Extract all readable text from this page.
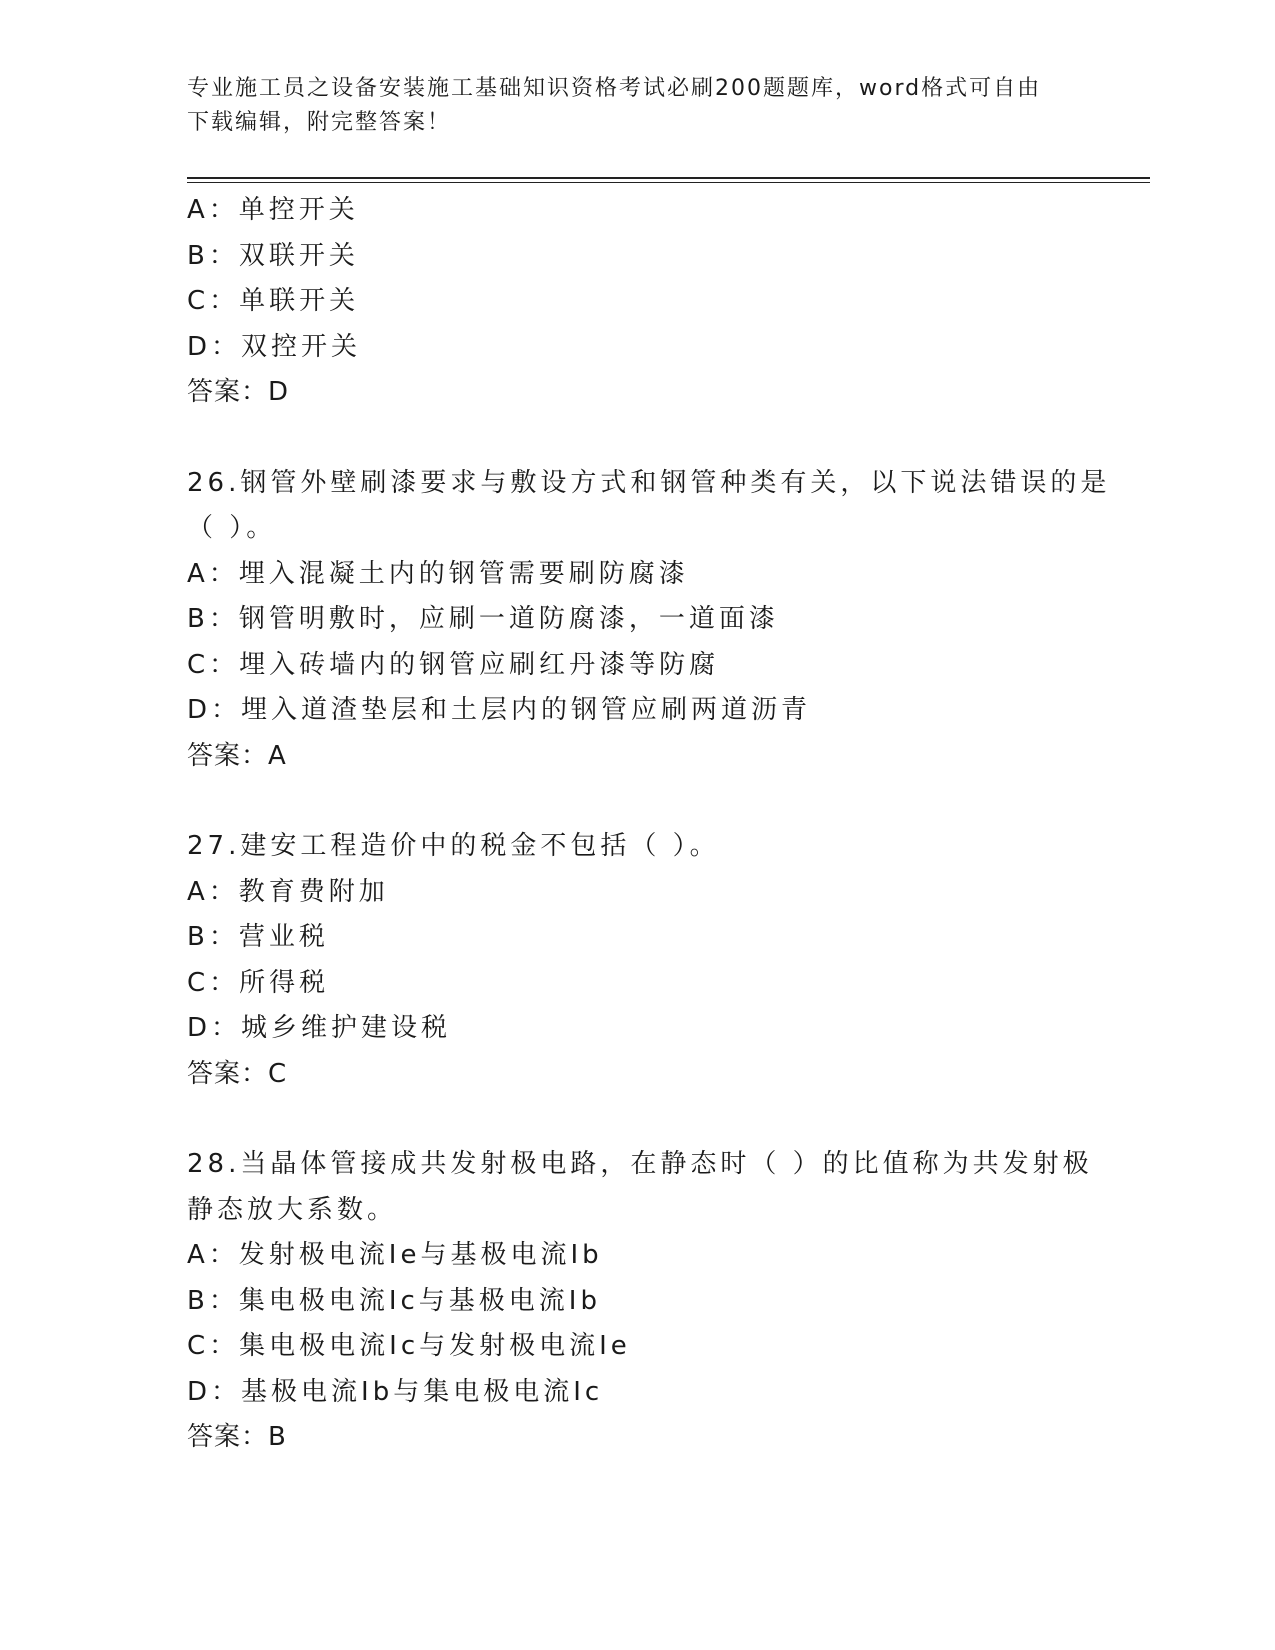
专业施工员之设备安装施工基础知识资格考试必刷200题题库，word格式可自由
下载编辑，附完整答案！
A：单控开关
B：双联开关
C：单联开关
D：双控开关
答案：D
26.钢管外壁刷漆要求与敷设方式和钢管种类有关，以下说法错误的是
（ ）。
A：埋入混凝土内的钢管需要刷防腐漆
B：钢管明敷时，应刷一道防腐漆，一道面漆
C：埋入砖墙内的钢管应刷红丹漆等防腐
D：埋入道渣垫层和土层内的钢管应刷两道沥青
答案：A
27.建安工程造价中的税金不包括（ ）。
A：教育费附加
B：营业税
C：所得税
D：城乡维护建设税
答案：C
28.当晶体管接成共发射极电路，在静态时（ ）的比值称为共发射极
静态放大系数。
A：发射极电流Ie与基极电流Ib
B：集电极电流Ic与基极电流Ib
C：集电极电流Ic与发射极电流Ie
D：基极电流Ib与集电极电流Ic
答案：B
